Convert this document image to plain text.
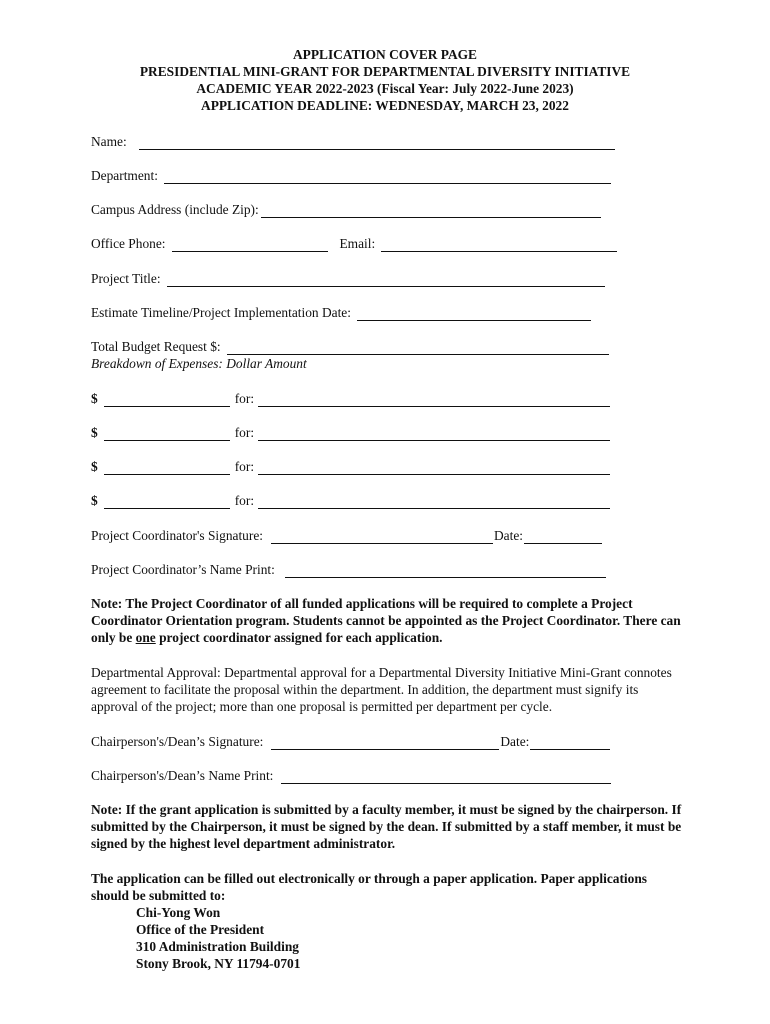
APPLICATION COVER PAGE
PRESIDENTIAL MINI-GRANT FOR DEPARTMENTAL DIVERSITY INITIATIVE
ACADEMIC YEAR 2022-2023 (Fiscal Year: July 2022-June 2023)
APPLICATION DEADLINE: WEDNESDAY, MARCH 23, 2022
Name:
Department:
Campus Address (include Zip):
Office Phone:	Email:
Project Title:
Estimate Timeline/Project Implementation Date:
Total Budget Request $:
Breakdown of Expenses: Dollar Amount
$	for:
$	for:
$	for:
$	for:
Project Coordinator's Signature:	Date:
Project Coordinator’s Name Print:
Note: The Project Coordinator of all funded applications will be required to complete a Project Coordinator Orientation program. Students cannot be appointed as the Project Coordinator. There can only be one project coordinator assigned for each application.
Departmental Approval: Departmental approval for a Departmental Diversity Initiative Mini-Grant connotes agreement to facilitate the proposal within the department. In addition, the department must signify its approval of the project; more than one proposal is permitted per department per cycle.
Chairperson's/Dean’s Signature:	Date:
Chairperson's/Dean’s Name Print:
Note: If the grant application is submitted by a faculty member, it must be signed by the chairperson. If submitted by the Chairperson, it must be signed by the dean. If submitted by a staff member, it must be signed by the highest level department administrator.
The application can be filled out electronically or through a paper application. Paper applications should be submitted to:
Chi-Yong Won
Office of the President
310 Administration Building
Stony Brook, NY 11794-0701
